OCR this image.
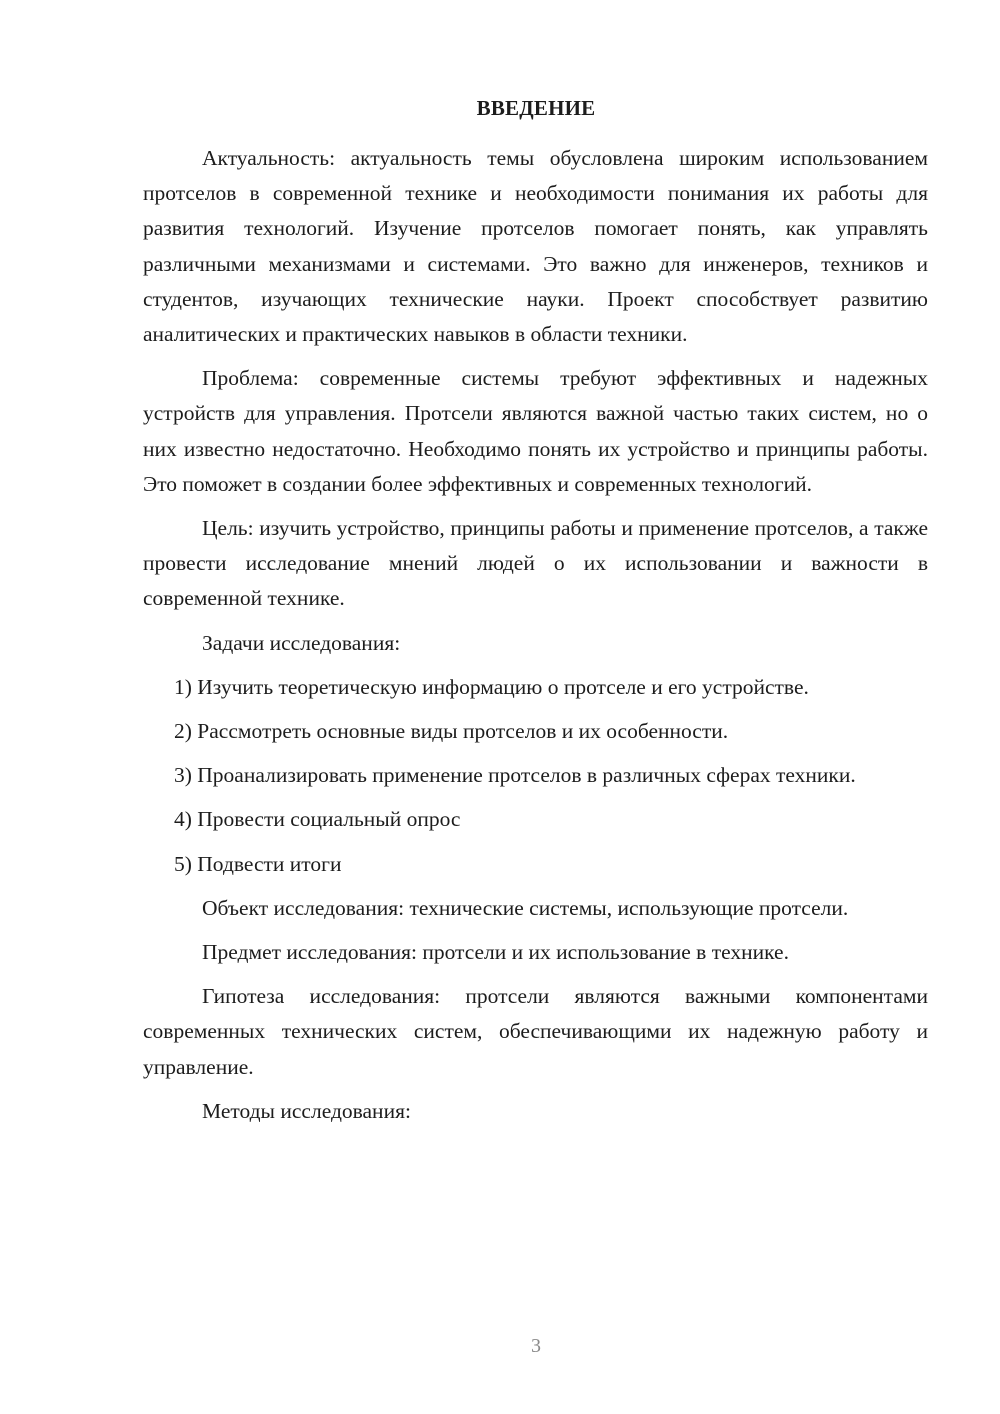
ВВЕДЕНИЕ

Актуальность: актуальность темы обусловлена широким использованием протселов в современной технике и необходимости понимания их работы для развития технологий. Изучение протселов помогает понять, как управлять различными механизмами и системами. Это важно для инженеров, техников и студентов, изучающих технические науки. Проект способствует развитию аналитических и практических навыков в области техники.

Проблема: современные системы требуют эффективных и надежных устройств для управления. Протсели являются важной частью таких систем, но о них известно недостаточно. Необходимо понять их устройство и принципы работы. Это поможет в создании более эффективных и современных технологий.

Цель: изучить устройство, принципы работы и применение протселов, а также провести исследование мнений людей о их использовании и важности в современной технике.

Задачи исследования:

1) Изучить теоретическую информацию о протселе и его устройстве.

2) Рассмотреть основные виды протселов и их особенности.

3) Проанализировать применение протселов в различных сферах техники.

4) Провести социальный опрос

5) Подвести итоги

Объект исследования: технические системы, использующие протсели.

Предмет исследования: протсели и их использование в технике.

Гипотеза исследования: протсели являются важными компонентами современных технических систем, обеспечивающими их надежную работу и управление.

Методы исследования:

3
